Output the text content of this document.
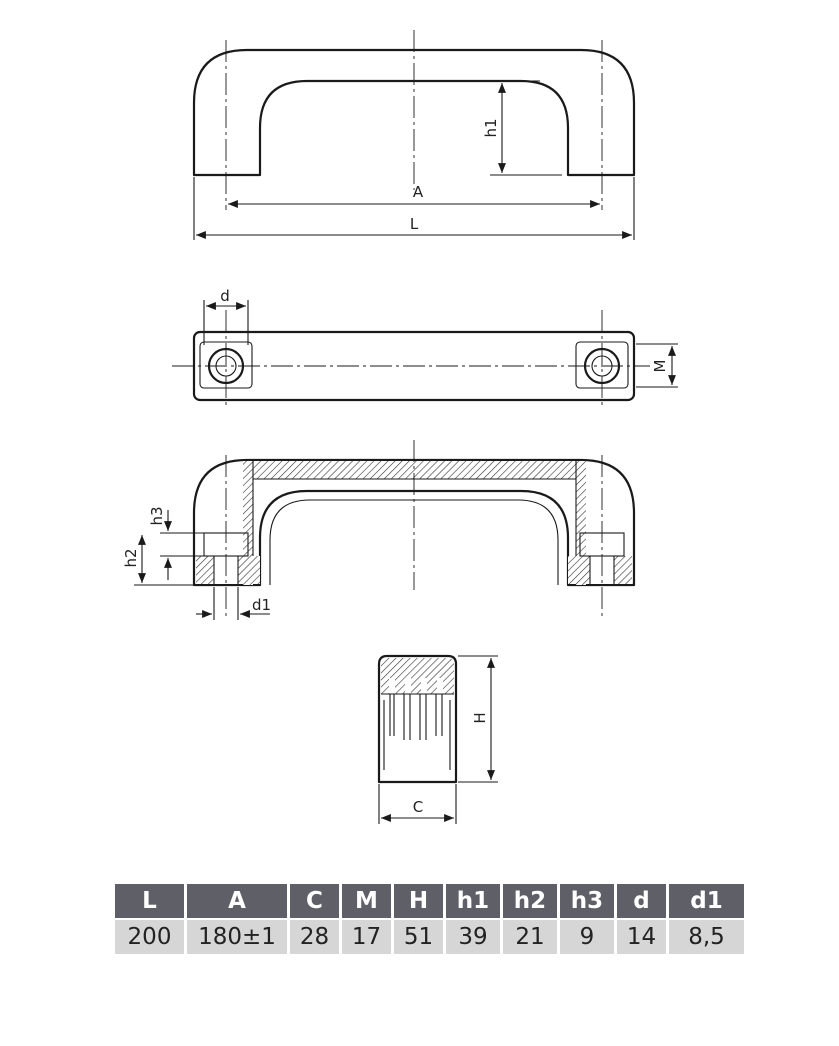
h1
A
L
d
M
h3
h2
d1
H
C
L	A	C	M	H	h1	h2	h3	d	d1
200	180±1	28	17	51	39	21	9	14	8,5
